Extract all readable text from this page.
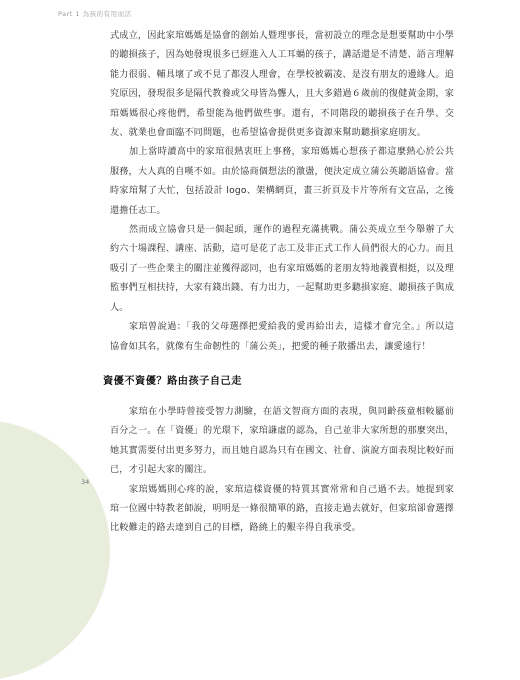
Part 1 為孩的有用而活

式成立，因此家琯媽媽是協會的創始人暨理事長，當初設立的理念是想要幫助中小學的聽損孩子，因為她發現很多已經進入人工耳蝸的孩子，講話還是不清楚、語言理解能力很弱、輔具壞了或不見了都沒人理會，在學校被霸凌、是沒有朋友的邊緣人。追究原因，發現很多是隔代教養或父母皆為聾人，且大多錯過６歲前的復健黃金期，家琯媽媽很心疼他們，希望能為他們做些事。還有，不同階段的聽損孩子在升學、交友、就業也會面臨不同問題，也希望協會提供更多資源來幫助聽損家庭朋友。

加上當時讀高中的家琯很熱衷旺上事務，家琯媽媽心想孩子都這麼熱心於公共服務，大人真的自嘆不如。由於協商個想法的激盪，便決定成立蒲公英聽語協會。當時家琯幫了大忙，包括設計 logo、架構網頁，畫三折頁及卡片等所有文宣品，之後還擔任志工。

然而成立協會只是一個起頭，運作的過程充滿挑戰。蒲公英成立至今舉辦了大約六十場課程、講座、活動，這可是花了志工及非正式工作人員們很大的心力。而且吸引了一些企業主的關注並獲得認同，也有家琯媽媽的老朋友特地義賣相挺，以及理監事們互相扶持，大家有錢出錢、有力出力，一起幫助更多聽損家庭、聽損孩子與成人。

家琯曾說過：「我的父母選擇把愛給我的愛再給出去，這樣才會完全。」所以這協會如其名，就像有生命韌性的「蒲公英」，把愛的種子散播出去，讓愛遠行！

資優不資優？路由孩子自己走

家琯在小學時曾接受智力測驗，在語文智商方面的表現，與同齡孩童相較屬前百分之一。在「資優」的光環下，家琯謙虛的認為，自己並非大家所想的那麼突出，她其實需要付出更多努力，而且她自認為只有在國文、社會、演說方面表現比較好而已，才引起大家的關注。

家琯媽媽則心疼的說，家琯這樣資優的特質其實常常和自己過不去。她提到家琯一位國中特教老師說，明明是一條很簡單的路，直接走過去就好，但家琯卻會選擇比較難走的路去達到自己的目標，路繞上的艱辛得自我承受。

34
